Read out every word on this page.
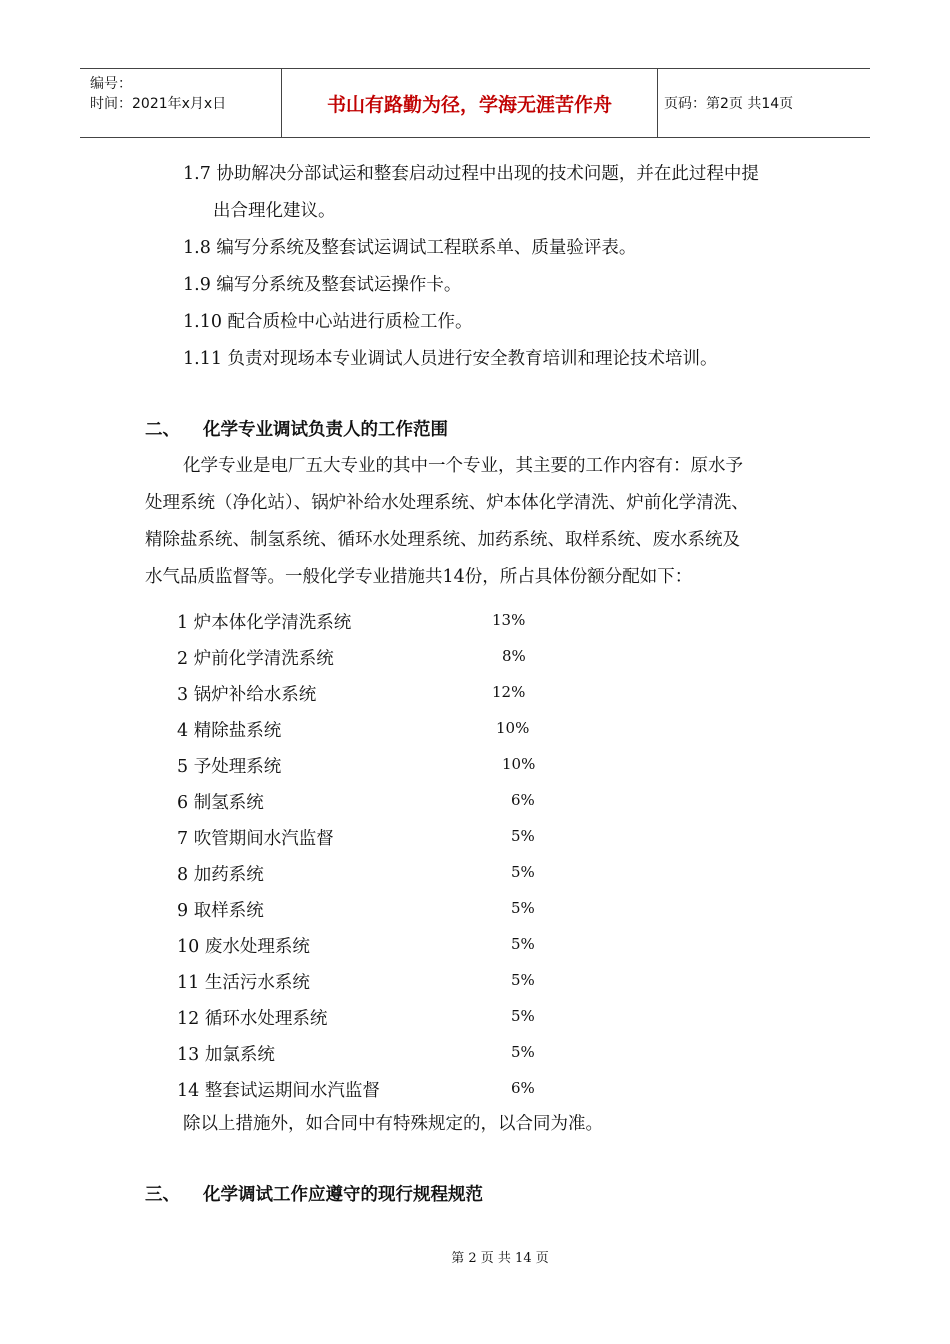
编号：
时间：2021年x月x日	书山有路勤为径，学海无涯苦作舟	页码：第2页 共14页
1.7 协助解决分部试运和整套启动过程中出现的技术问题，并在此过程中提
出合理化建议。
1.8 编写分系统及整套试运调试工程联系单、质量验评表。
1.9 编写分系统及整套试运操作卡。
1.10 配合质检中心站进行质检工作。
1.11 负责对现场本专业调试人员进行安全教育培训和理论技术培训。
二、 化学专业调试负责人的工作范围
化学专业是电厂五大专业的其中一个专业，其主要的工作内容有：原水予
处理系统（净化站）、锅炉补给水处理系统、炉本体化学清洗、炉前化学清洗、
精除盐系统、制氢系统、循环水处理系统、加药系统、取样系统、废水系统及
水气品质监督等。一般化学专业措施共14份，所占具体份额分配如下：
1 炉本体化学清洗系统	13%
2 炉前化学清洗系统	8%
3 锅炉补给水系统	12%
4 精除盐系统	10%
5 予处理系统	10%
6 制氢系统	6%
7 吹管期间水汽监督	5%
8 加药系统	5%
9 取样系统	5%
10 废水处理系统	5%
11 生活污水系统	5%
12 循环水处理系统	5%
13 加氯系统	5%
14 整套试运期间水汽监督	6%
除以上措施外，如合同中有特殊规定的，以合同为准。
三、 化学调试工作应遵守的现行规程规范
第 2 页 共 14 页
